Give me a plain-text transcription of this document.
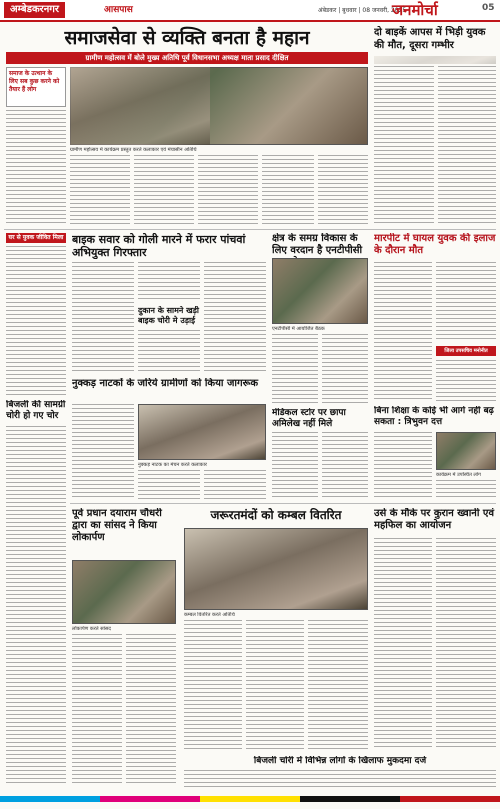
अम्बेडकरनगर	आसपास	अंबेडकर | बुधवार | 08 जनवरी, 2025
जनमोर्चा	05
समाजसेवा से व्यक्ति बनता है महान
ग्रामीण महोत्सव में बोले मुख्य अतिथि पूर्व विधानसभा अध्यक्ष माता प्रसाद दीक्षित
दो बाइकें आपस में भिड़ी युवक की मौत, दूसरा गम्भीर
समाज के उत्थान के लिए सब कुछ करने को तैयार हैं लोग
ग्रामीण महोत्सव में कार्यक्रम प्रस्तुत करते कलाकार एवं मंचासीन अतिथि
घर से युवक जीवित मिला
बिजली की सामग्री चोरी हो गए चोर
बाइक सवार को गोली मारने में फरार पांचवां अभियुक्त गिरफ्तार
दुकान के सामने खड़ी बाइक चोरी मे उड़ाई
क्षेत्र के समग्र विकास के लिए वरदान है एनटीपीसी
एनटीपीसी में आयोजित बैठक
मारपीट में घायल युवक की इलाज के दौरान मौत
जिला उपसचिव मनोनीत
नुक्कड़ नाटकों के जरिये ग्रामीणों को किया जागरूक
नुक्कड़ नाटक का मंचन करते कलाकार
मेडिकल स्टोर पर छापा अमिलेख नहीं मिले
बिना शिक्षा के कोई भी आगे नहीं बढ़ सकता : त्रिभुवन दत्त
कार्यक्रम में उपस्थित लोग
पूर्व प्रधान दयाराम चौधरी द्वारा का सांसद ने किया लोकार्पण
लोकार्पण करते सांसद
जरूरतमंदों को कम्बल वितरित
कम्बल वितरित करते अतिथि
उर्स के मौके पर कुरान ख्वानी एवं महफिल का आयोजन
बिजली चोरी में विभिन्न लोगों के खिलाफ मुकदमा दर्ज
